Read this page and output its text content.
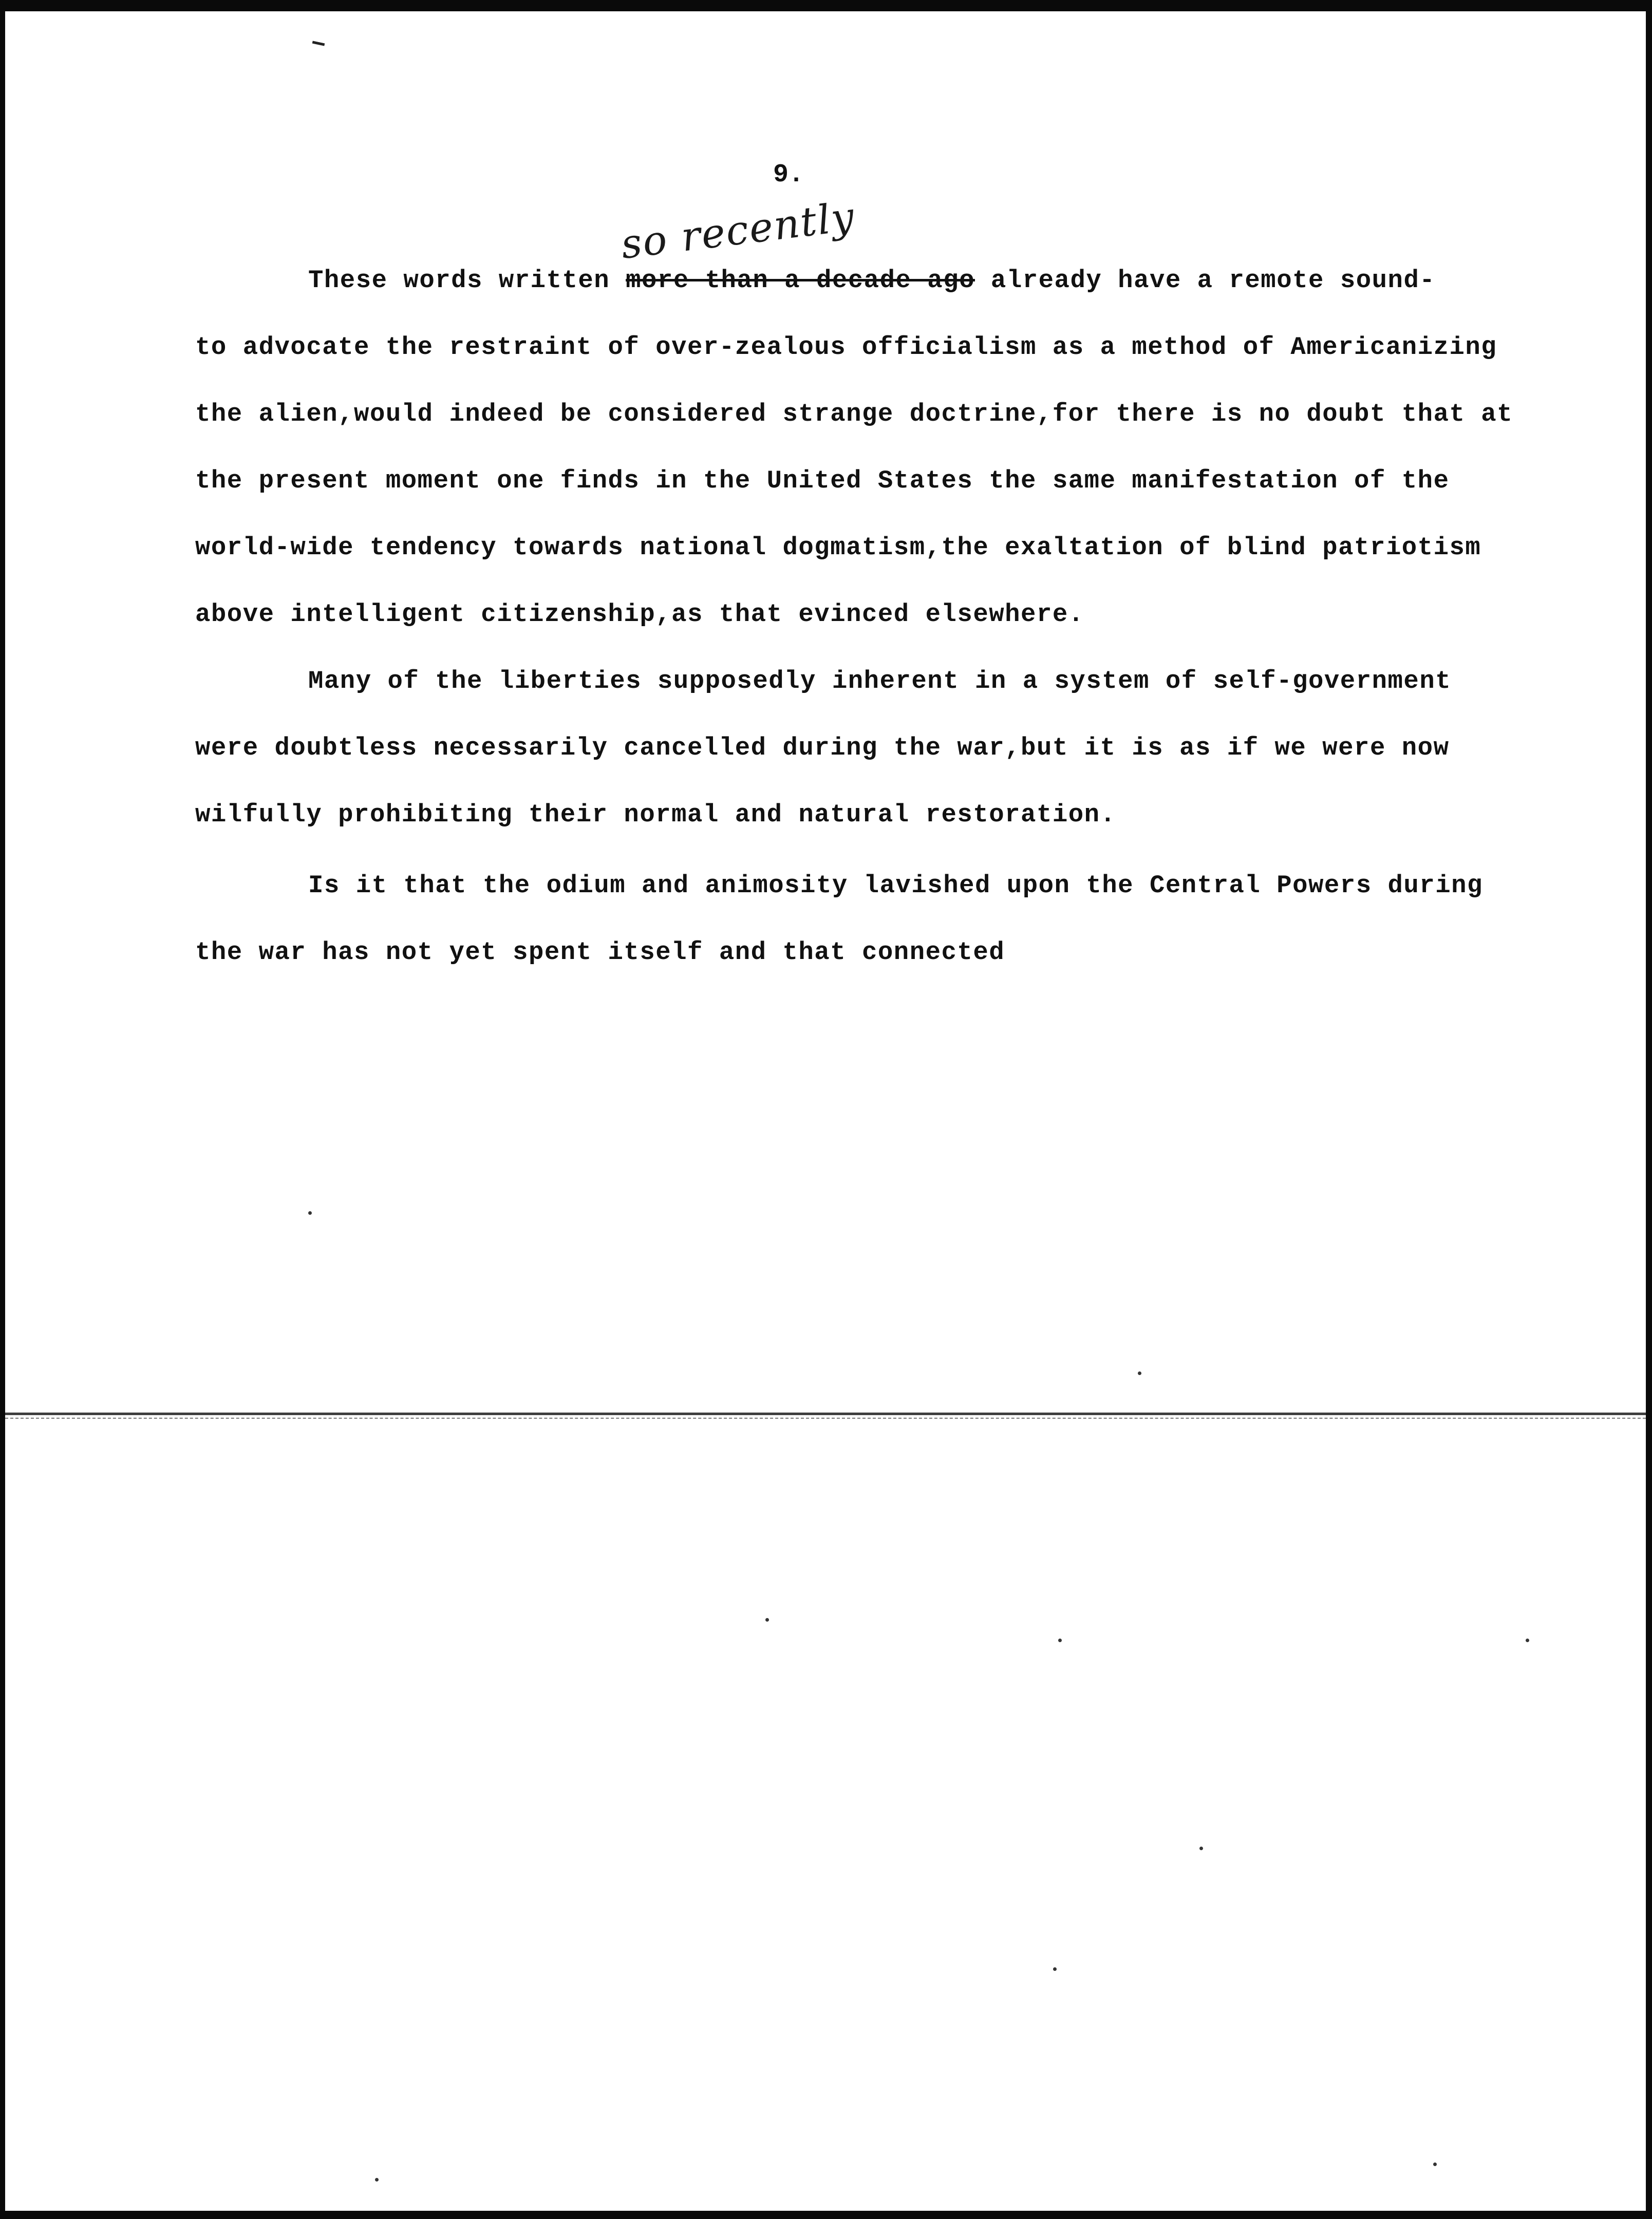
9.
so recently
These words written more than a decade ago already have a remote sound-
to advocate the restraint of over-zealous officialism as a method of Americanizing
the alien,would indeed be considered strange doctrine,for there is no doubt that at
the present moment one finds in the United States the same manifestation of the
world-wide tendency towards national dogmatism,the exaltation of blind patriotism
above intelligent citizenship,as that evinced elsewhere.
Many of the liberties supposedly inherent in a system of self-government
were doubtless necessarily cancelled during the war,but it is as if we were now
wilfully prohibiting their normal and natural restoration.
Is it that the odium and animosity lavished upon the Central Powers during
the war has not yet spent itself and that connected
